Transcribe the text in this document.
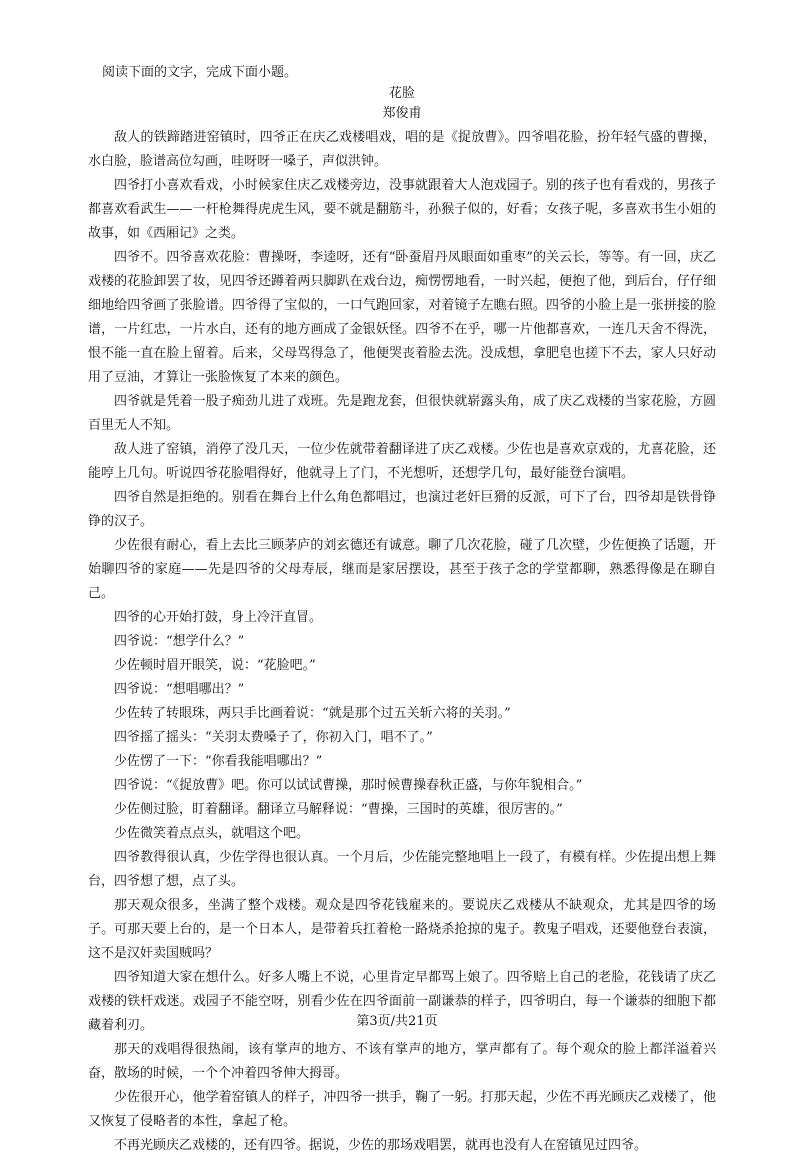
阅读下面的文字，完成下面小题。

花脸

郑俊甫

敌人的铁蹄踏进窑镇时，四爷正在庆乙戏楼唱戏，唱的是《捉放曹》。四爷唱花脸，扮年轻气盛的曹操，水白脸，脸谱高位勾画，哇呀呀一嗓子，声似洪钟。

四爷打小喜欢看戏，小时候家住庆乙戏楼旁边，没事就跟着大人泡戏园子。别的孩子也有看戏的，男孩子都喜欢看武生——一杆枪舞得虎虎生风，要不就是翻筋斗，孙猴子似的，好看；女孩子呢，多喜欢书生小姐的故事，如《西厢记》之类。

四爷不。四爷喜欢花脸：曹操呀，李逵呀，还有“卧蚕眉丹凤眼面如重枣”的关云长，等等。有一回，庆乙戏楼的花脸卸罢了妆，见四爷还蹲着两只脚趴在戏台边，痴愣愣地看，一时兴起，便抱了他，到后台，仔仔细细地给四爷画了张脸谱。四爷得了宝似的，一口气跑回家，对着镜子左瞧右照。四爷的小脸上是一张拼接的脸谱，一片红忠，一片水白，还有的地方画成了金银妖怪。四爷不在乎，哪一片他都喜欢，一连几天舍不得洗，恨不能一直在脸上留着。后来，父母骂得急了，他便哭丧着脸去洗。没成想，拿肥皂也搓下不去，家人只好动用了豆油，才算让一张脸恢复了本来的颜色。

四爷就是凭着一股子痴劲儿进了戏班。先是跑龙套，但很快就崭露头角，成了庆乙戏楼的当家花脸，方圆百里无人不知。

敌人进了窑镇，消停了没几天，一位少佐就带着翻译进了庆乙戏楼。少佐也是喜欢京戏的，尤喜花脸，还能哼上几句。听说四爷花脸唱得好，他就寻上了门，不光想听，还想学几句，最好能登台演唱。

四爷自然是拒绝的。别看在舞台上什么角色都唱过，也演过老奸巨猾的反派，可下了台，四爷却是铁骨铮铮的汉子。

少佐很有耐心，看上去比三顾茅庐的刘玄德还有诚意。聊了几次花脸，碰了几次壁，少佐便换了话题，开始聊四爷的家庭——先是四爷的父母寿辰，继而是家居摆设，甚至于孩子念的学堂都聊，熟悉得像是在聊自己。

四爷的心开始打鼓，身上冷汗直冒。

四爷说：“想学什么？”

少佐顿时眉开眼笑，说：“花脸吧。”

四爷说：“想唱哪出？”

少佐转了转眼珠，两只手比画着说：“就是那个过五关斩六将的关羽。”

四爷摇了摇头：“关羽太费嗓子了，你初入门，唱不了。”

少佐愣了一下：“你看我能唱哪出？”

四爷说：“《捉放曹》吧。你可以试试曹操，那时候曹操春秋正盛，与你年貌相合。”

少佐侧过脸，盯着翻译。翻译立马解释说：“曹操，三国时的英雄，很厉害的。”

少佐微笑着点点头，就唱这个吧。

四爷教得很认真，少佐学得也很认真。一个月后，少佐能完整地唱上一段了，有模有样。少佐提出想上舞台，四爷想了想，点了头。

那天观众很多，坐满了整个戏楼。观众是四爷花钱雇来的。要说庆乙戏楼从不缺观众，尤其是四爷的场子。可那天要上台的，是一个日本人，是带着兵扛着枪一路烧杀抢掠的鬼子。教鬼子唱戏，还要他登台表演，这不是汉奸卖国贼吗？

四爷知道大家在想什么。好多人嘴上不说，心里肯定早都骂上娘了。四爷赔上自己的老脸，花钱请了庆乙戏楼的铁杆戏迷。戏园子不能空呀，别看少佐在四爷面前一副谦恭的样子，四爷明白，每一个谦恭的细胞下都藏着利刃。

那天的戏唱得很热闹，该有掌声的地方、不该有掌声的地方，掌声都有了。每个观众的脸上都洋溢着兴奋，散场的时候，一个个冲着四爷伸大拇哥。

少佐很开心，他学着窑镇人的样子，冲四爷一拱手，鞠了一躬。打那天起，少佐不再光顾庆乙戏楼了，他又恢复了侵略者的本性，拿起了枪。

不再光顾庆乙戏楼的，还有四爷。据说，少佐的那场戏唱罢，就再也没有人在窑镇见过四爷。

第3页/共21页
